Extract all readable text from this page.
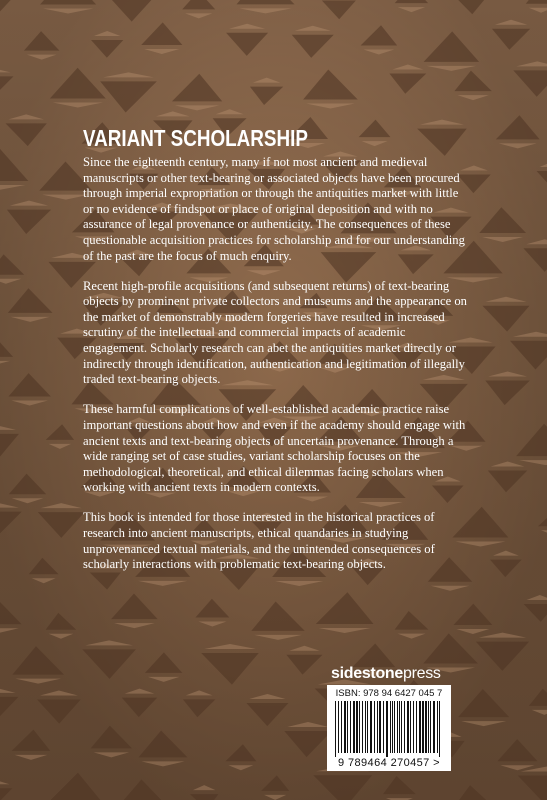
VARIANT SCHOLARSHIP

Since the eighteenth century, many if not most ancient and medieval manuscripts or other text-bearing or associated objects have been procured through imperial expropriation or through the antiquities market with little or no evidence of findspot or place of original deposition and with no assurance of legal provenance or authenticity. The consequences of these questionable acquisition practices for scholarship and for our understanding of the past are the focus of much enquiry.

Recent high-profile acquisitions (and subsequent returns) of text-bearing objects by prominent private collectors and museums and the appearance on the market of demonstrably modern forgeries have resulted in increased scrutiny of the intellectual and commercial impacts of academic engagement. Scholarly research can abet the antiquities market directly or indirectly through identification, authentication and legitimation of illegally traded text-bearing objects.

These harmful complications of well-established academic practice raise important questions about how and even if the academy should engage with ancient texts and text-bearing objects of uncertain provenance. Through a wide ranging set of case studies, variant scholarship focuses on the methodological, theoretical, and ethical dilemmas facing scholars when working with ancient texts in modern contexts.

This book is intended for those interested in the historical practices of research into ancient manuscripts, ethical quandaries in studying unprovenanced textual materials, and the unintended consequences of scholarly interactions with problematic text-bearing objects.

sidestonepress
ISBN: 978 94 6427 045 7
9 789464 270457 >
